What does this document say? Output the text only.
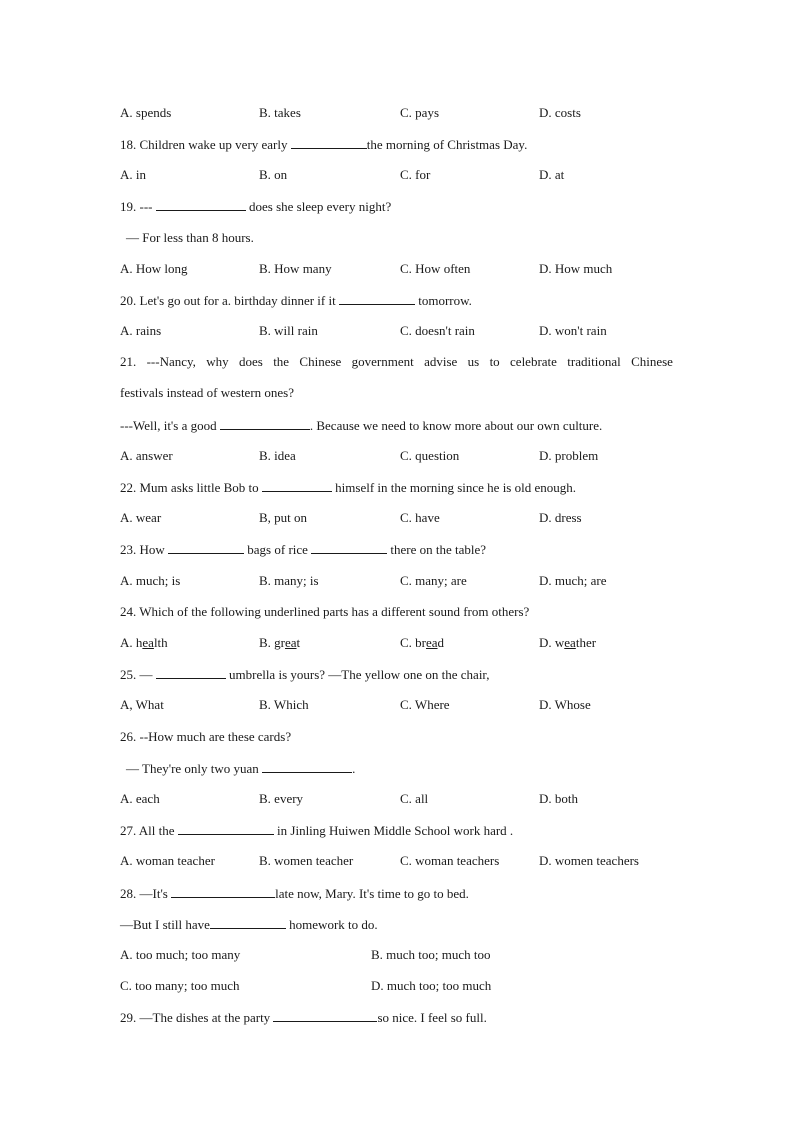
A. spends	B. takes	C. pays	D. costs
18. Children wake up very early	the morning of Christmas Day.
A. in	B. on	C. for	D. at
19. ---	does she sleep every night?
— For less than 8 hours.
A. How long	B. How many	C. How often	D. How much
20. Let's go out for a. birthday dinner if it	tomorrow.
A. rains	B. will rain	C. doesn't rain	D. won't rain
21. ---Nancy, why does the Chinese government advise us to celebrate traditional Chinese
festivals instead of western ones?
---Well, it's a good	. Because we need to know more about our own culture.
A. answer	B. idea	C. question	D. problem
22. Mum asks little Bob to	himself in the morning since he is old enough.
A. wear	B, put on	C. have	D. dress
23. How	bags of rice	there on the table?
A. much; is	B. many; is	C. many; are	D. much; are
24. Which of the following underlined parts has a different sound from others?
A. health	B. great	C. bread	D. weather
25. —	umbrella is yours? —The yellow one on the chair,
A, What	B. Which	C. Where	D. Whose
26. --How much are these cards?
— They're only two yuan	.
A. each	B. every	C. all	D. both
27. All the	in Jinling Huiwen Middle School work hard .
A. woman teacher	B. women teacher	C. woman teachers	D. women teachers
28. —It's	late now, Mary. It's time to go to bed.
—But I still have	homework to do.
A. too much; too many	B. much too; much too
C. too many; too much	D. much too; too much
29. —The dishes at the party	so nice. I feel so full.
